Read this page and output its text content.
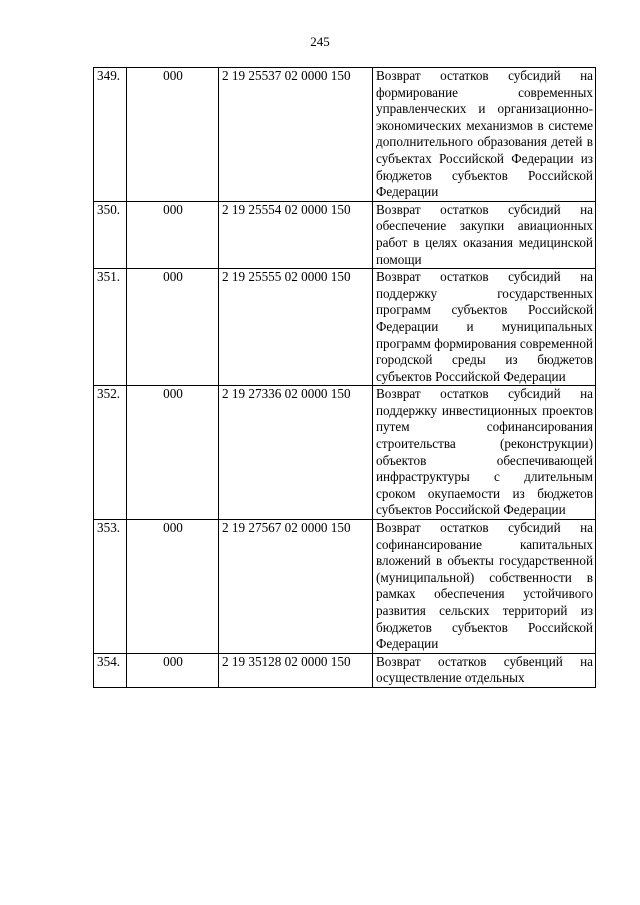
245
349.	000	2 19 25537 02 0000 150	Возврат остатков субсидий на формирование современных управленческих и организационно-экономических механизмов в системе дополнительного образования детей в субъектах Российской Федерации из бюджетов субъектов Российской Федерации
350.	000	2 19 25554 02 0000 150	Возврат остатков субсидий на обеспечение закупки авиационных работ в целях оказания медицинской помощи
351.	000	2 19 25555 02 0000 150	Возврат остатков субсидий на поддержку государственных программ субъектов Российской Федерации и муниципальных программ формирования современной городской среды из бюджетов субъектов Российской Федерации
352.	000	2 19 27336 02 0000 150	Возврат остатков субсидий на поддержку инвестиционных проектов путем софинансирования строительства (реконструкции) объектов обеспечивающей инфраструктуры с длительным сроком окупаемости из бюджетов субъектов Российской Федерации
353.	000	2 19 27567 02 0000 150	Возврат остатков субсидий на софинансирование капитальных вложений в объекты государственной (муниципальной) собственности в рамках обеспечения устойчивого развития сельских территорий из бюджетов субъектов Российской Федерации
354.	000	2 19 35128 02 0000 150	Возврат остатков субвенций на осуществление отдельных
